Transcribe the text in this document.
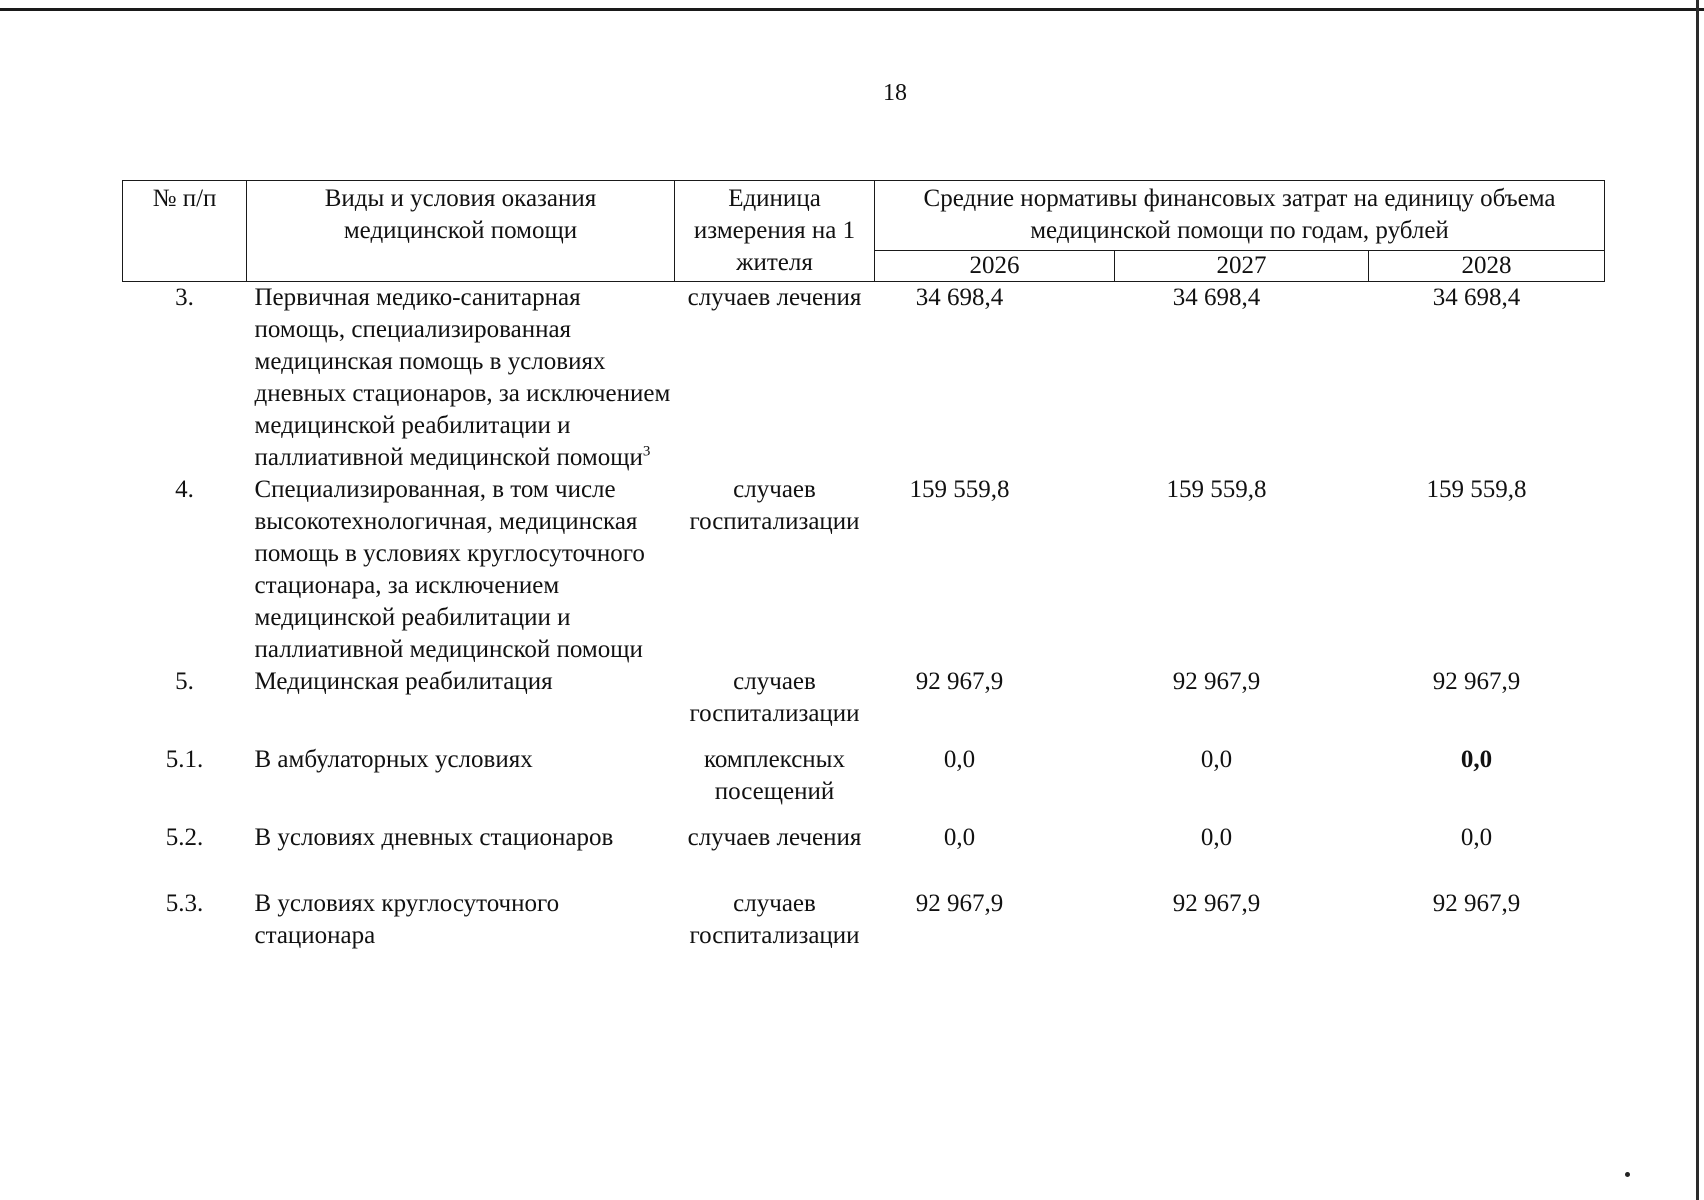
18
№ п/п	Виды и условия оказания медицинской помощи	Единица измерения на 1 жителя	Средние нормативы финансовых затрат на единицу объема медицинской помощи по годам, рублей		
			2026	2027	2028
3.	Первичная медико-санитарная помощь, специализированная медицинская помощь в условиях дневных стационаров, за исключением медицинской реабилитации и паллиативной медицинской помощи$^3$	случаев лечения	34 698,4	34 698,4	34 698,4
4.	Специализированная, в том числе высокотехнологичная, медицинская помощь в условиях круглосуточного стационара, за исключением медицинской реабилитации и паллиативной медицинской помощи	случаев госпитализации	159 559,8	159 559,8	159 559,8
5.	Медицинская реабилитация	случаев госпитализации	92 967,9	92 967,9	92 967,9
5.1.	В амбулаторных условиях	комплексных посещений	0,0	0,0	0,0
5.2.	В условиях дневных стационаров	случаев лечения	0,0	0,0	0,0
5.3.	В условиях круглосуточного стационара	случаев госпитализации	92 967,9	92 967,9	92 967,9
